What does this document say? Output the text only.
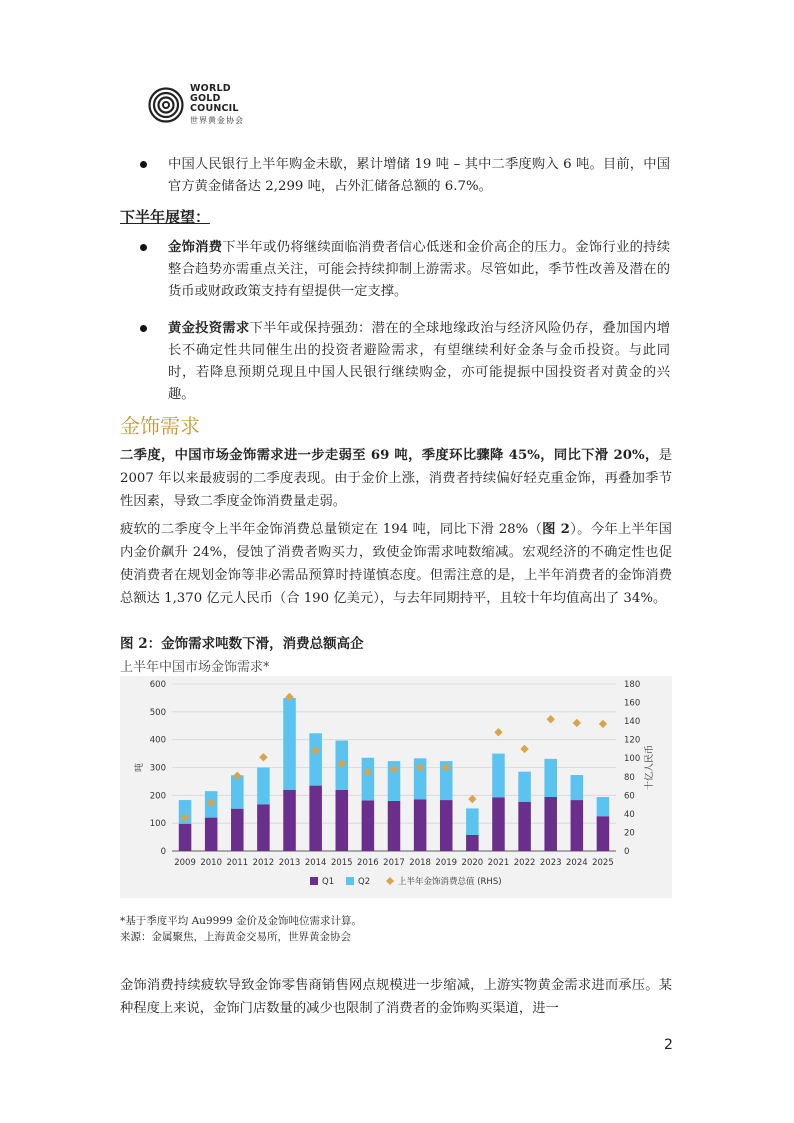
WORLD
GOLD
COUNCIL
世界黄金协会
中国人民银行上半年购金未歇，累计增储 19 吨 – 其中二季度购入 6 吨。目前，中国官方黄金储备达 2,299 吨，占外汇储备总额的 6.7%。
下半年展望：
金饰消费下半年或仍将继续面临消费者信心低迷和金价高企的压力。金饰行业的持续整合趋势亦需重点关注，可能会持续抑制上游需求。尽管如此，季节性改善及潜在的货币或财政政策支持有望提供一定支撑。
黄金投资需求下半年或保持强劲：潜在的全球地缘政治与经济风险仍存，叠加国内增长不确定性共同催生出的投资者避险需求，有望继续利好金条与金币投资。与此同时，若降息预期兑现且中国人民银行继续购金，亦可能提振中国投资者对黄金的兴趣。
金饰需求
二季度，中国市场金饰需求进一步走弱至 69 吨，季度环比骤降 45%，同比下滑 20%，是 2007 年以来最疲弱的二季度表现。由于金价上涨，消费者持续偏好轻克重金饰，再叠加季节性因素，导致二季度金饰消费量走弱。
疲软的二季度令上半年金饰消费总量锁定在 194 吨，同比下滑 28%（图 2）。今年上半年国内金价飙升 24%，侵蚀了消费者购买力，致使金饰需求吨数缩减。宏观经济的不确定性也促使消费者在规划金饰等非必需品预算时持谨慎态度。但需注意的是，上半年消费者的金饰消费总额达 1,370 亿元人民币（合 190 亿美元），与去年同期持平，且较十年均值高出了 34%。
图 2：金饰需求吨数下滑，消费总额高企
上半年中国市场金饰需求*
0
100
200
300
400
500
600
0
20
40
60
80
100
120
140
160
180
吨	十亿人民币
2009 2010 2011 2012 2013 2014 2015 2016 2017 2018 2019 2020 2021 2022 2023 2024 2025
Q1	Q2	上半年金饰消费总值 (RHS)
*基于季度平均 Au9999 金价及金饰吨位需求计算。
来源：金属聚焦，上海黄金交易所，世界黄金协会
金饰消费持续疲软导致金饰零售商销售网点规模进一步缩减，上游实物黄金需求进而承压。某种程度上来说，金饰门店数量的减少也限制了消费者的金饰购买渠道，进一
2
